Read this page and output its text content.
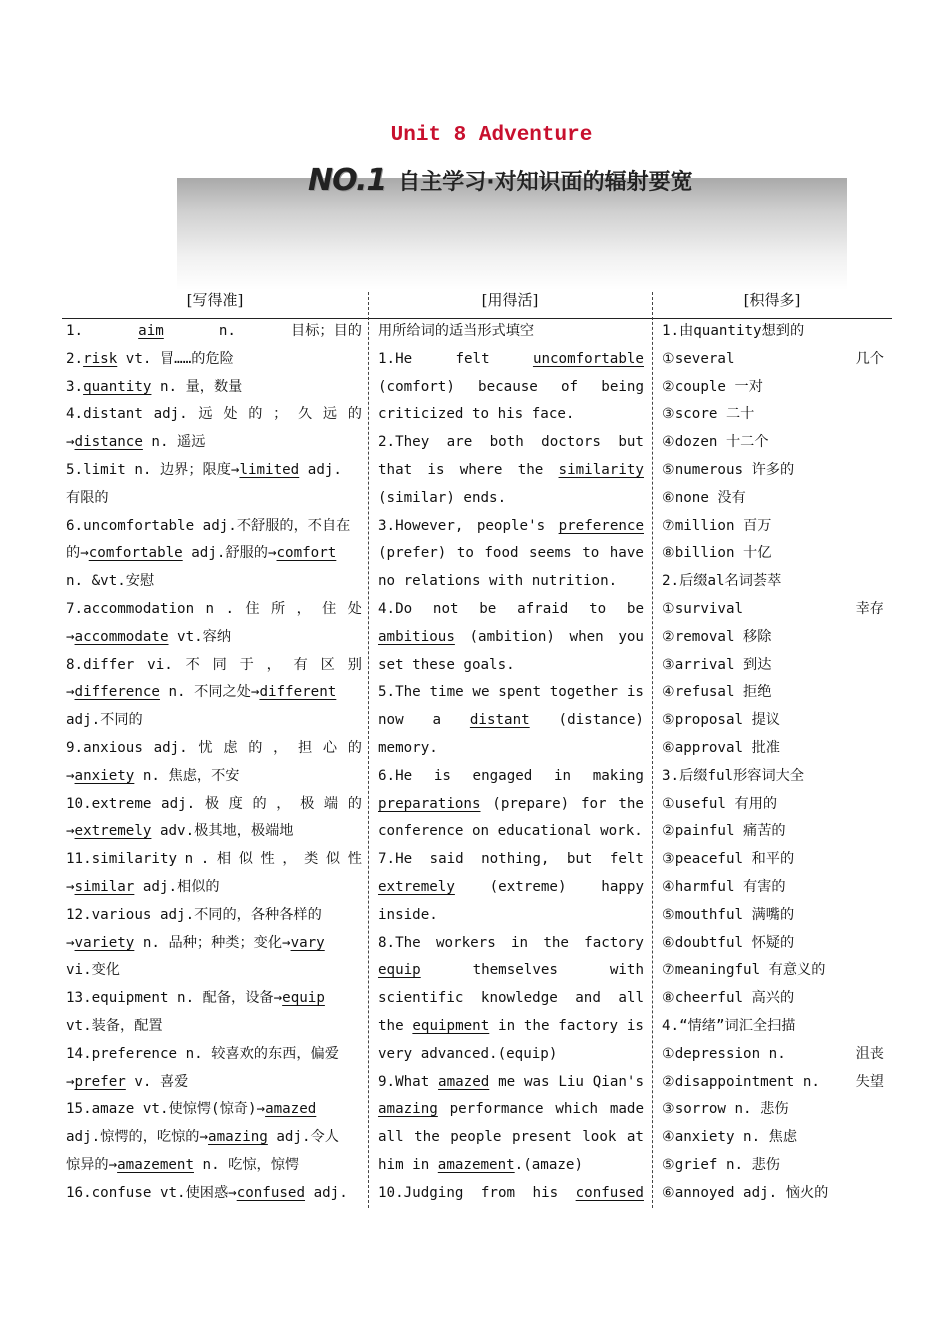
Unit 8 Adventure
NO.1 自主学习·对知识面的辐射要宽
[写得准]	[用得活]	[积得多]
1.	aim	n.	目标；目的
2.risk vt. 冒……的危险
3.quantity n. 量，数量
4.distant adj. 远 处 的 ； 久 远 的
→distance n. 遥远
5.limit n. 边界；限度→limited adj.
有限的
6.uncomfortable adj.不舒服的，不自在
的→comfortable adj.舒服的→comfort
n. &vt.安慰
7.accommodation n . 住 所 ， 住 处
→accommodate vt.容纳
8.differ vi. 不 同 于 ， 有 区 别
→difference n. 不同之处→different
adj.不同的
9.anxious adj. 忧 虑 的 ， 担 心 的
→anxiety n. 焦虑，不安
10.extreme adj. 极 度 的 ， 极 端 的
→extremely adv.极其地，极端地
11.similarity n . 相 似 性 ， 类 似 性
→similar adj.相似的
12.various adj.不同的，各种各样的
→variety n. 品种；种类；变化→vary
vi.变化
13.equipment n. 配备，设备→equip
vt.装备，配置
14.preference n. 较喜欢的东西，偏爱
→prefer v. 喜爱
15.amaze vt.使惊愕(惊奇)→amazed
adj.惊愕的，吃惊的→amazing adj.令人
惊异的→amazement n. 吃惊，惊愕
16.confuse vt.使困惑→confused adj.
用所给词的适当形式填空
1.He	felt	uncomfortable
(comfort) because of being
criticized to his face.
2.They are both doctors but
that is where the similarity
(similar) ends.
3.However, people's preference
(prefer) to food seems to have
no relations with nutrition.
4.Do not be afraid to be
ambitious (ambition) when you
set these goals.
5.The time we spent together is
now a distant (distance)
memory.
6.He is engaged in making
preparations (prepare) for the
conference on educational work.
7.He said nothing, but felt
extremely (extreme) happy
inside.
8.The workers in the factory
equip	themselves	with
scientific knowledge and all
the equipment in the factory is
very advanced.(equip)
9.What amazed me was Liu Qian's
amazing performance which made
all the people present look at
him in amazement.(amaze)
10.Judging from his confused
1.由quantity想到的
①several	几个
②couple 一对
③score 二十
④dozen 十二个
⑤numerous 许多的
⑥none 没有
⑦million 百万
⑧billion 十亿
2.后缀al名词荟萃
①survival	幸存
②removal 移除
③arrival 到达
④refusal 拒绝
⑤proposal 提议
⑥approval 批准
3.后缀ful形容词大全
①useful 有用的
②painful 痛苦的
③peaceful 和平的
④harmful 有害的
⑤mouthful 满嘴的
⑥doubtful 怀疑的
⑦meaningful 有意义的
⑧cheerful 高兴的
4.“情绪”词汇全扫描
①depression n.	沮丧
②disappointment n.	失望
③sorrow n. 悲伤
④anxiety n. 焦虑
⑤grief n. 悲伤
⑥annoyed adj. 恼火的
